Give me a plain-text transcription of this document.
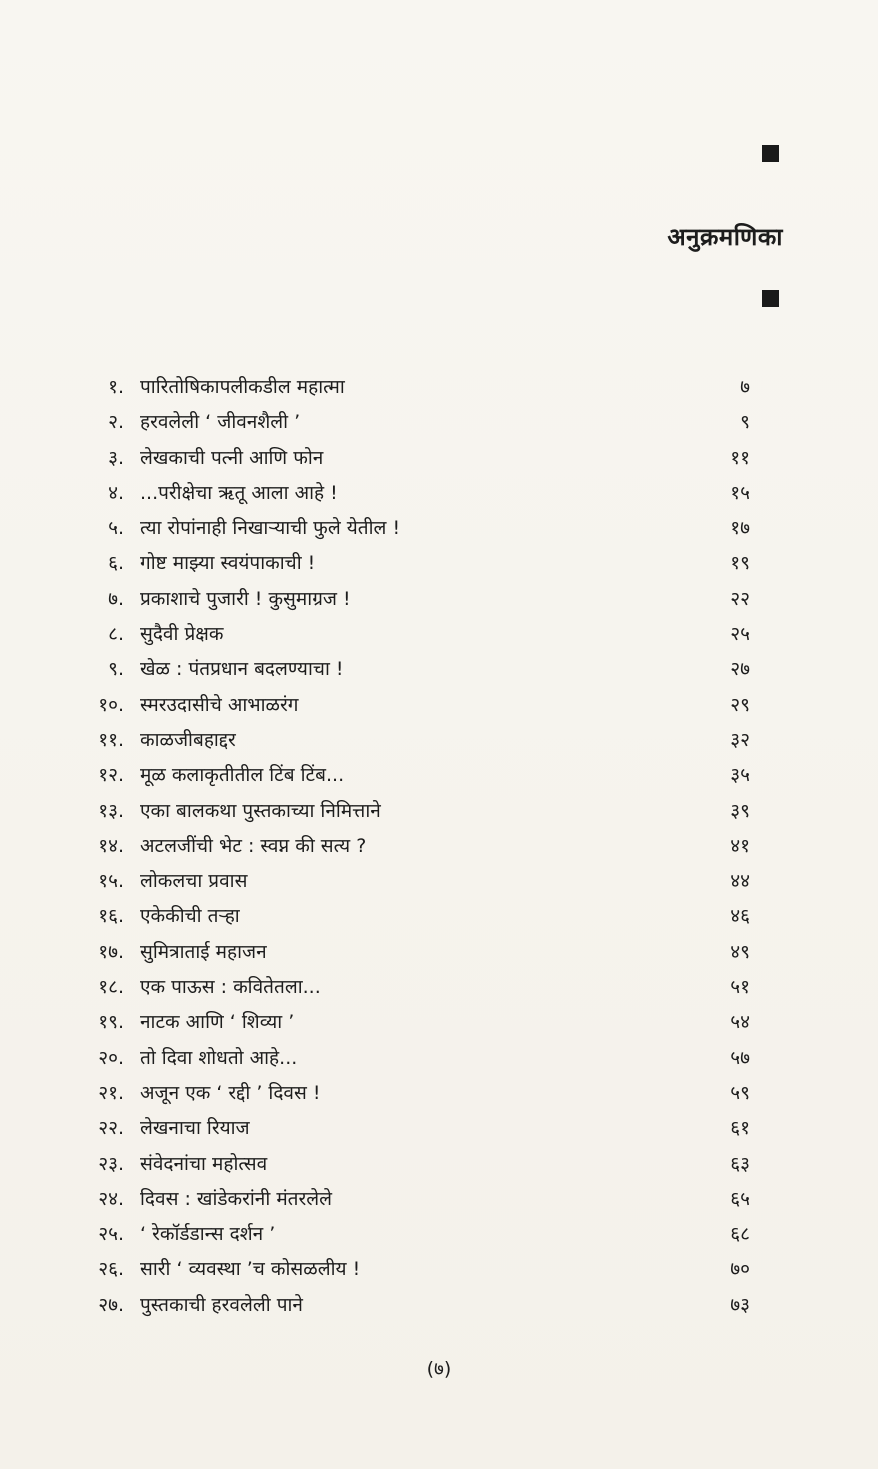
अनुक्रमणिका
१. पारितोषिकापलीकडील महात्मा	७
२. हरवलेली ‘ जीवनशैली ’	९
३. लेखकाची पत्नी आणि फोन	११
४. ...परीक्षेचा ऋतू आला आहे !	१५
५. त्या रोपांनाही निखाऱ्याची फुले येतील !	१७
६. गोष्ट माझ्या स्वयंपाकाची !	१९
७. प्रकाशाचे पुजारी ! कुसुमाग्रज !	२२
८. सुदैवी प्रेक्षक	२५
९. खेळ : पंतप्रधान बदलण्याचा !	२७
१०. स्मरउदासीचे आभाळरंग	२९
११. काळजीबहाद्दर	३२
१२. मूळ कलाकृतीतील टिंब टिंब...	३५
१३. एका बालकथा पुस्तकाच्या निमित्ताने	३९
१४. अटलजींची भेट : स्वप्न की सत्य ?	४१
१५. लोकलचा प्रवास	४४
१६. एकेकीची तऱ्हा	४६
१७. सुमित्राताई महाजन	४९
१८. एक पाऊस : कवितेतला...	५१
१९. नाटक आणि ‘ शिव्या ’	५४
२०. तो दिवा शोधतो आहे...	५७
२१. अजून एक ‘ रद्दी ’ दिवस !	५९
२२. लेखनाचा रियाज	६१
२३. संवेदनांचा महोत्सव	६३
२४. दिवस : खांडेकरांनी मंतरलेले	६५
२५. ‘ रेकॉर्डडान्स दर्शन ’	६८
२६. सारी ‘ व्यवस्था ’च कोसळलीय !	७०
२७. पुस्तकाची हरवलेली पाने	७३
(७)
